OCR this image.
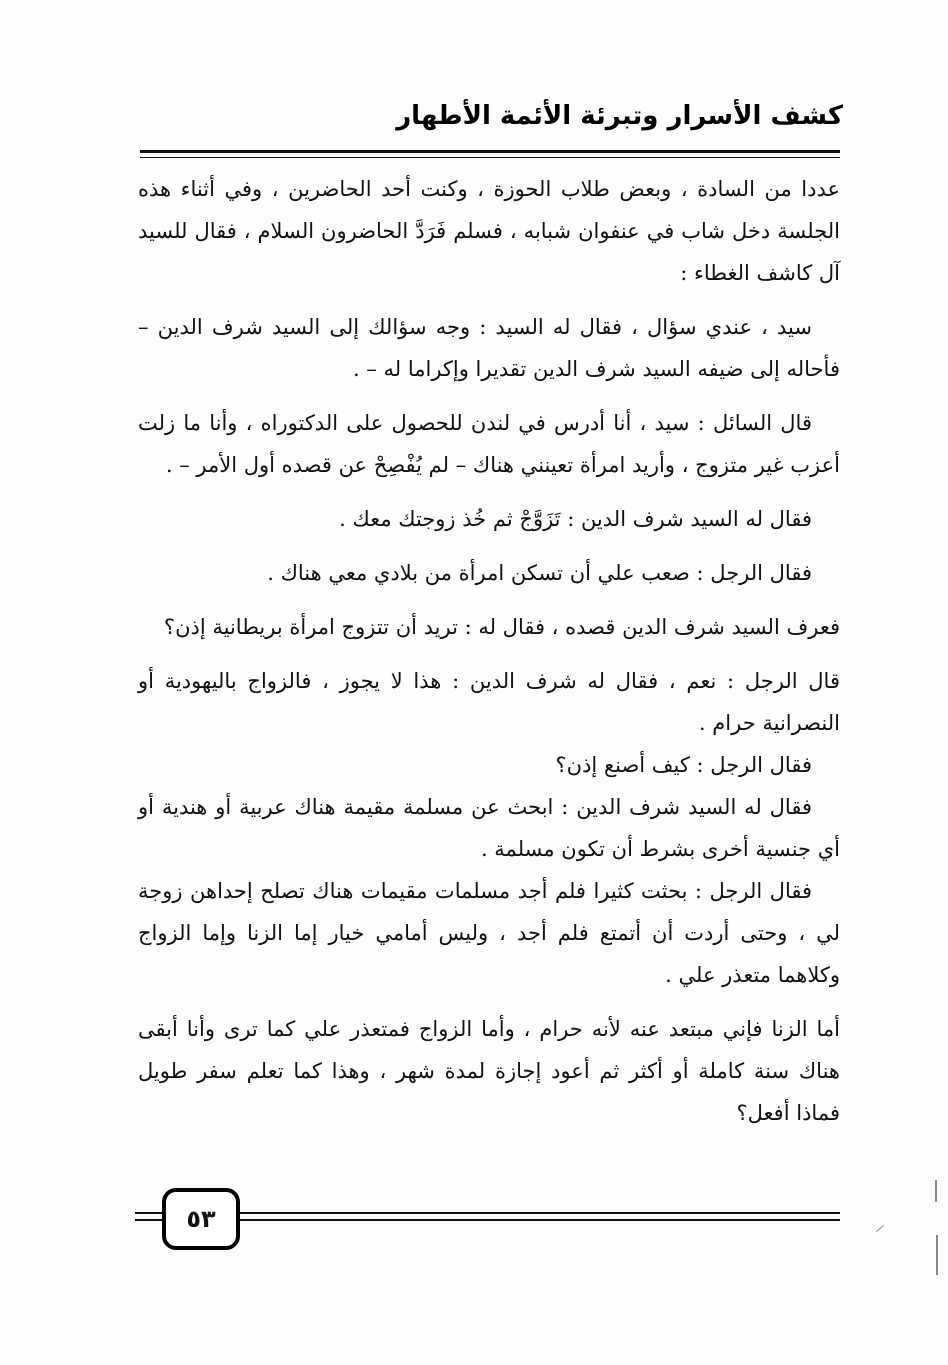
كشف الأسرار وتبرئة الأئمة الأطهار

عددا من السادة ، وبعض طلاب الحوزة ، وكنت أحد الحاضرين ، وفي أثناء هذه الجلسة دخل شاب في عنفوان شبابه ، فسلم فَرَدَّ الحاضرون السلام ، فقال للسيد آل كاشف الغطاء :

سيد ، عندي سؤال ، فقال له السيد : وجه سؤالك إلى السيد شرف الدين – فأحاله إلى ضيفه السيد شرف الدين تقديرا وإكراما له – .

قال السائل : سيد ، أنا أدرس في لندن للحصول على الدكتوراه ، وأنا ما زلت أعزب غير متزوج ، وأريد امرأة تعينني هناك – لم يُفْصِحْ عن قصده أول الأمر – .

فقال له السيد شرف الدين : تَزَوَّجْ ثم خُذ زوجتك معك .

فقال الرجل : صعب علي أن تسكن امرأة من بلادي معي هناك .

فعرف السيد شرف الدين قصده ، فقال له : تريد أن تتزوج امرأة بريطانية إذن؟

قال الرجل : نعم ، فقال له شرف الدين : هذا لا يجوز ، فالزواج باليهودية أو النصرانية حرام .

فقال الرجل : كيف أصنع إذن؟

فقال له السيد شرف الدين : ابحث عن مسلمة مقيمة هناك عربية أو هندية أو أي جنسية أخرى بشرط أن تكون مسلمة .

فقال الرجل : بحثت كثيرا فلم أجد مسلمات مقيمات هناك تصلح إحداهن زوجة لي ، وحتى أردت أن أتمتع فلم أجد ، وليس أمامي خيار إما الزنا وإما الزواج وكلاهما متعذر علي .

أما الزنا فإني مبتعد عنه لأنه حرام ، وأما الزواج فمتعذر علي كما ترى وأنا أبقى هناك سنة كاملة أو أكثر ثم أعود إجازة لمدة شهر ، وهذا كما تعلم سفر طويل فماذا أفعل؟

٥٣
